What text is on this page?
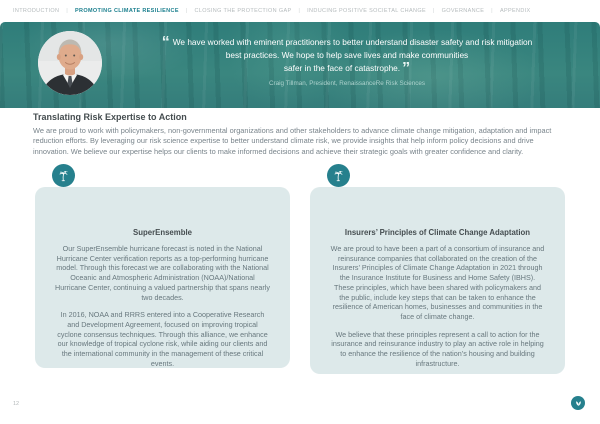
INTRODUCTION | PROMOTING CLIMATE RESILIENCE | CLOSING THE PROTECTION GAP | INDUCING POSITIVE SOCIETAL CHANGE | GOVERNANCE | APPENDIX
“ We have worked with eminent practitioners to better understand disaster safety and risk mitigation
best practices. We hope to help save lives and make communities
safer in the face of catastrophe. ”
Craig Tillman, President, RenaissanceRe Risk Sciences
Translating Risk Expertise to Action
We are proud to work with policymakers, non-governmental organizations and other stakeholders to advance climate change mitigation, adaptation and impact reduction efforts. By leveraging our risk science expertise to better understand climate risk, we provide insights that help inform policy decisions and drive innovation. We believe our expertise helps our clients to make informed decisions and achieve their strategic goals with greater confidence and clarity.
SuperEnsemble

Our SuperEnsemble hurricane forecast is noted in the National Hurricane Center verification reports as a top-performing hurricane model. Through this forecast we are collaborating with the National Oceanic and Atmospheric Administration (NOAA)/National Hurricane Center, continuing a valued partnership that spans nearly two decades.

In 2016, NOAA and RRRS entered into a Cooperative Research and Development Agreement, focused on improving tropical cyclone consensus techniques. Through this alliance, we enhance our knowledge of tropical cyclone risk, while aiding our clients and the international community in the management of these critical events.

Insurers’ Principles of Climate Change Adaptation

We are proud to have been a part of a consortium of insurance and reinsurance companies that collaborated on the creation of the Insurers’ Principles of Climate Change Adaptation in 2021 through the Insurance Institute for Business and Home Safety (IBHS). These principles, which have been shared with policymakers and the public, include key steps that can be taken to enhance the resilience of American homes, businesses and communities in the face of climate change.

We believe that these principles represent a call to action for the insurance and reinsurance industry to play an active role in helping to enhance the resilience of the nation’s housing and building infrastructure.

12
